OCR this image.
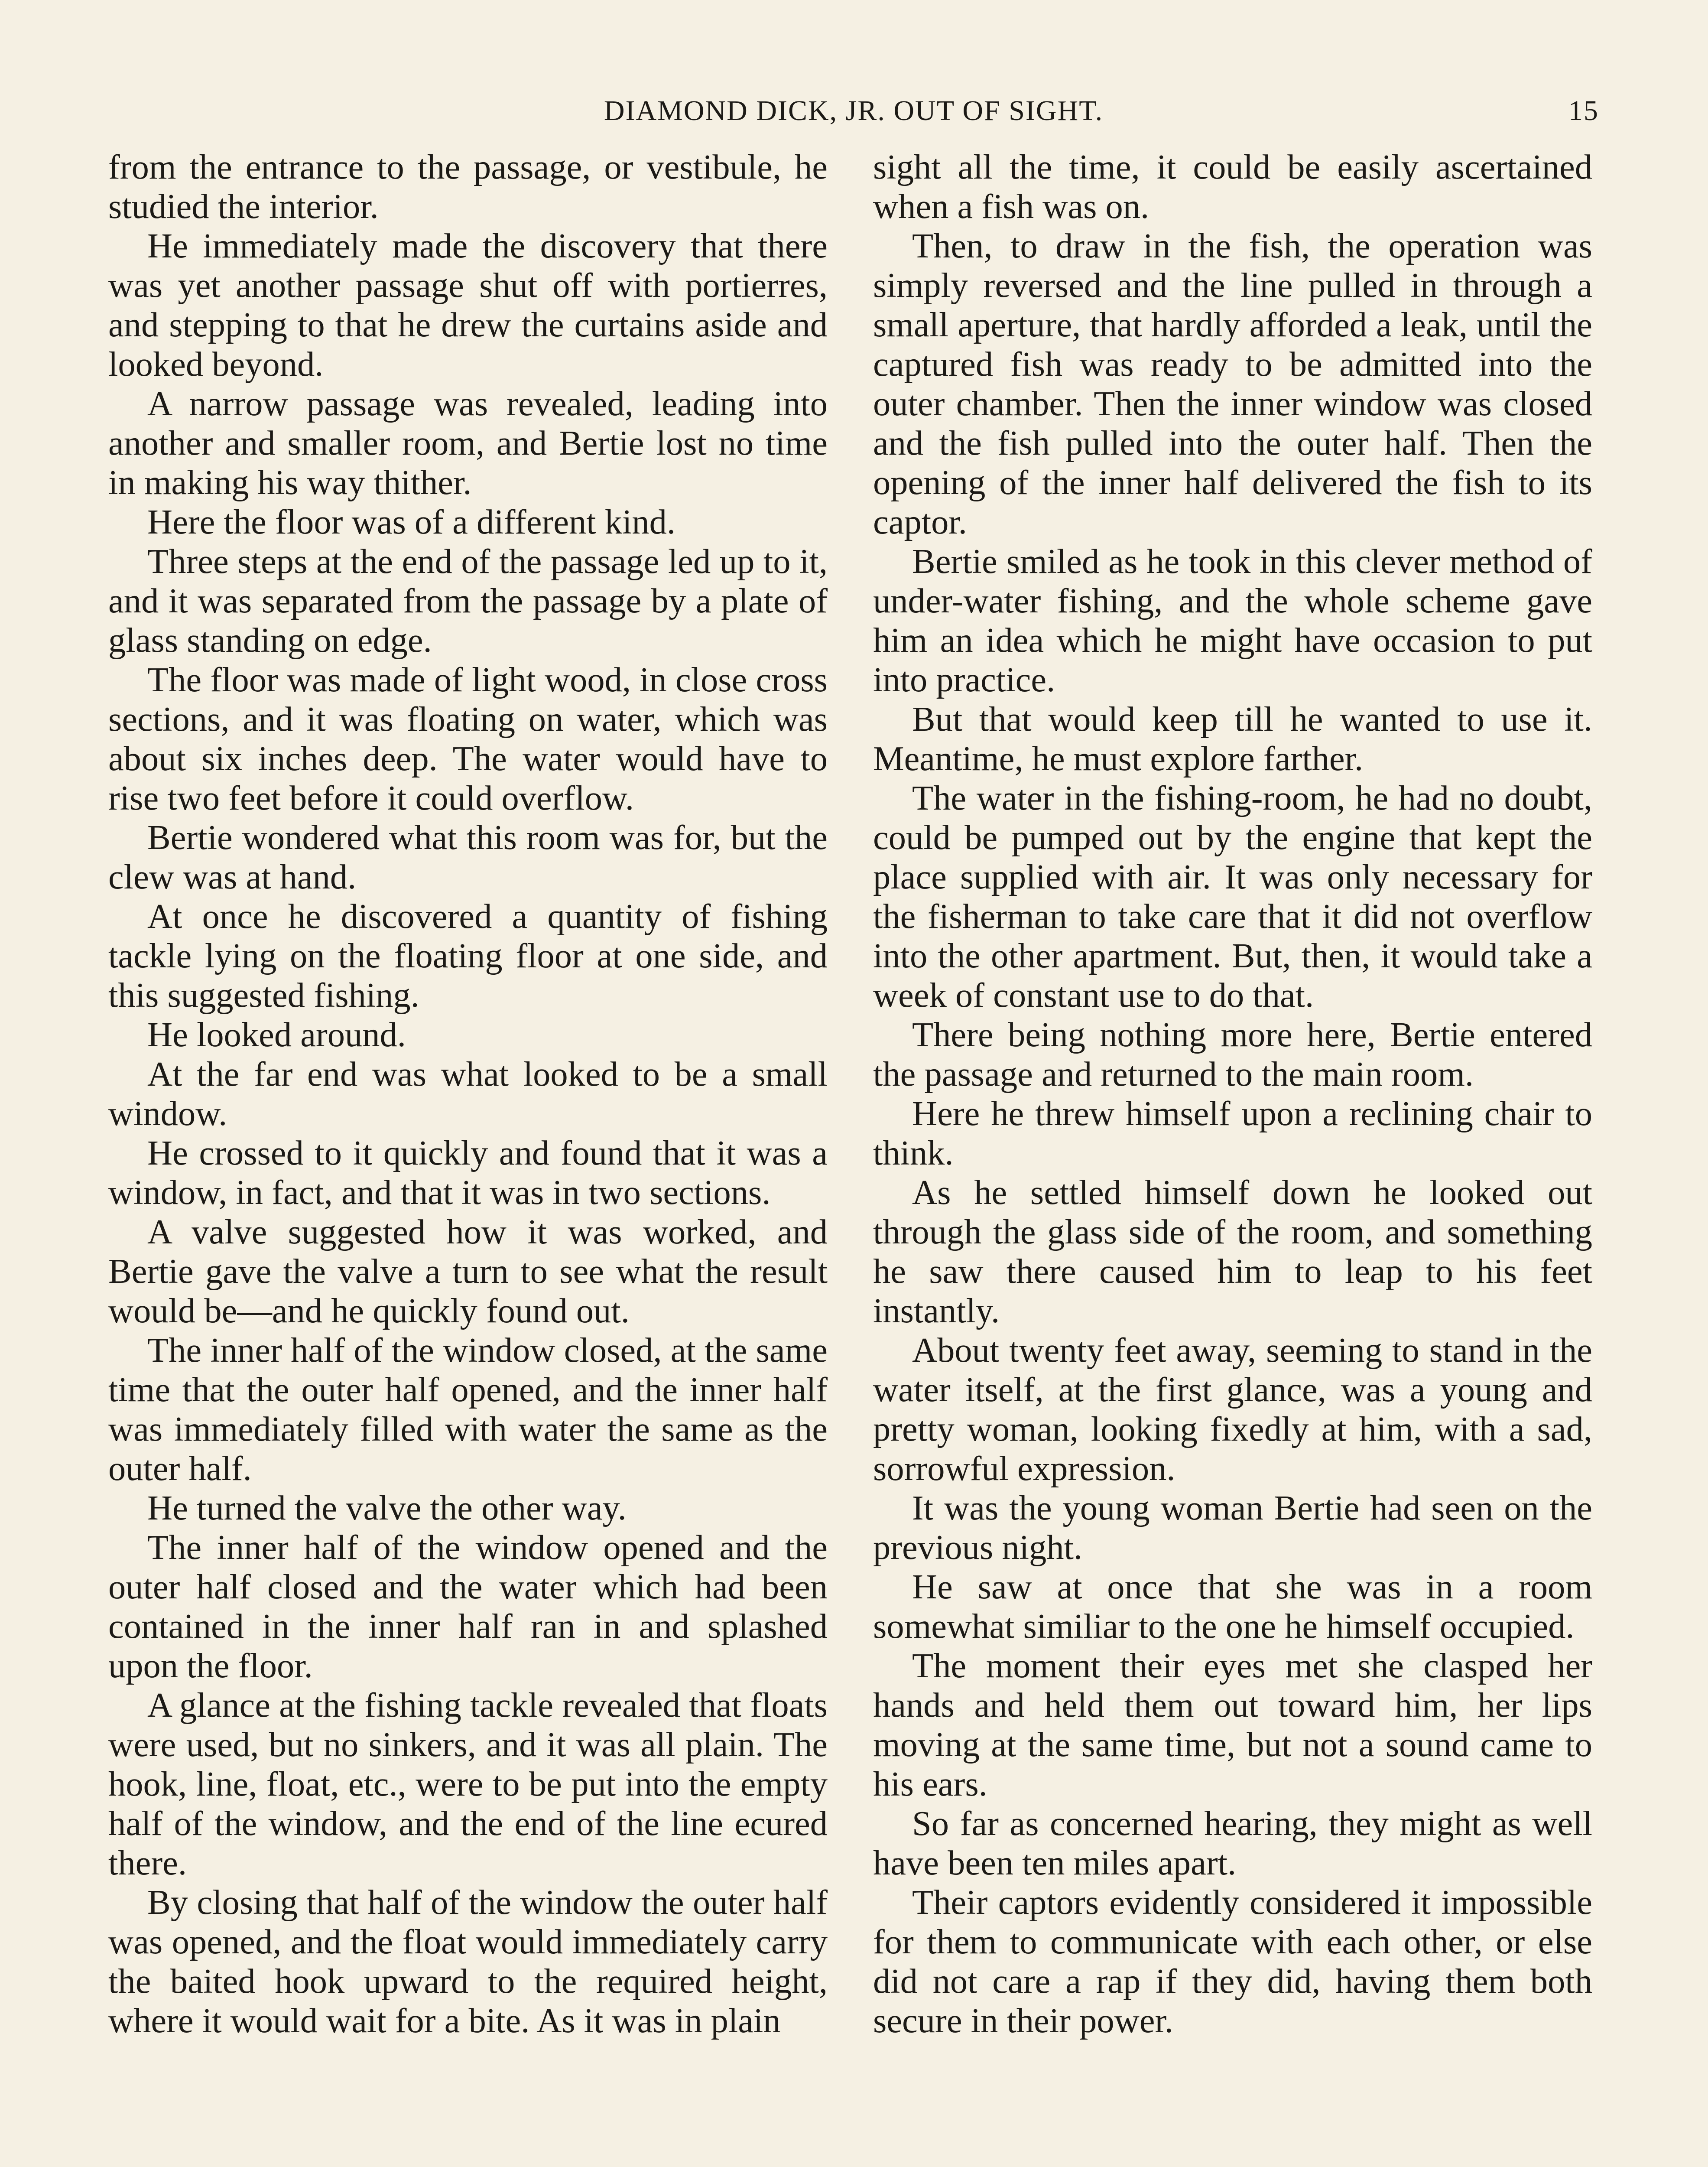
DIAMOND DICK, JR. OUT OF SIGHT.	15

from the entrance to the passage, or vestibule, he studied the interior.

He immediately made the discovery that there was yet another passage shut off with portierres, and stepping to that he drew the curtains aside and looked beyond.

A narrow passage was revealed, leading into another and smaller room, and Bertie lost no time in making his way thither.

Here the floor was of a different kind.

Three steps at the end of the passage led up to it, and it was separated from the passage by a plate of glass standing on edge.

The floor was made of light wood, in close cross sections, and it was floating on water, which was about six inches deep. The water would have to rise two feet before it could overflow.

Bertie wondered what this room was for, but the clew was at hand.

At once he discovered a quantity of fishing tackle lying on the floating floor at one side, and this suggested fishing.

He looked around.

At the far end was what looked to be a small window.

He crossed to it quickly and found that it was a window, in fact, and that it was in two sections.

A valve suggested how it was worked, and Bertie gave the valve a turn to see what the result would be—and he quickly found out.

The inner half of the window closed, at the same time that the outer half opened, and the inner half was immediately filled with water the same as the outer half.

He turned the valve the other way.

The inner half of the window opened and the outer half closed and the water which had been contained in the inner half ran in and splashed upon the floor.

A glance at the fishing tackle revealed that floats were used, but no sinkers, and it was all plain. The hook, line, float, etc., were to be put into the empty half of the window, and the end of the line ecured there.

By closing that half of the window the outer half was opened, and the float would immediately carry the baited hook upward to the required height, where it would wait for a bite. As it was in plain

sight all the time, it could be easily ascertained when a fish was on.

Then, to draw in the fish, the operation was simply reversed and the line pulled in through a small aperture, that hardly afforded a leak, until the captured fish was ready to be admitted into the outer chamber. Then the inner window was closed and the fish pulled into the outer half. Then the opening of the inner half delivered the fish to its captor.

Bertie smiled as he took in this clever method of under-water fishing, and the whole scheme gave him an idea which he might have occasion to put into practice.

But that would keep till he wanted to use it. Meantime, he must explore farther.

The water in the fishing-room, he had no doubt, could be pumped out by the engine that kept the place supplied with air. It was only necessary for the fisherman to take care that it did not overflow into the other apartment. But, then, it would take a week of constant use to do that.

There being nothing more here, Bertie entered the passage and returned to the main room.

Here he threw himself upon a reclining chair to think.

As he settled himself down he looked out through the glass side of the room, and something he saw there caused him to leap to his feet instantly.

About twenty feet away, seeming to stand in the water itself, at the first glance, was a young and pretty woman, looking fixedly at him, with a sad, sorrowful expression.

It was the young woman Bertie had seen on the previous night.

He saw at once that she was in a room somewhat similiar to the one he himself occupied.

The moment their eyes met she clasped her hands and held them out toward him, her lips moving at the same time, but not a sound came to his ears.

So far as concerned hearing, they might as well have been ten miles apart.

Their captors evidently considered it impossible for them to communicate with each other, or else did not care a rap if they did, having them both secure in their power.
